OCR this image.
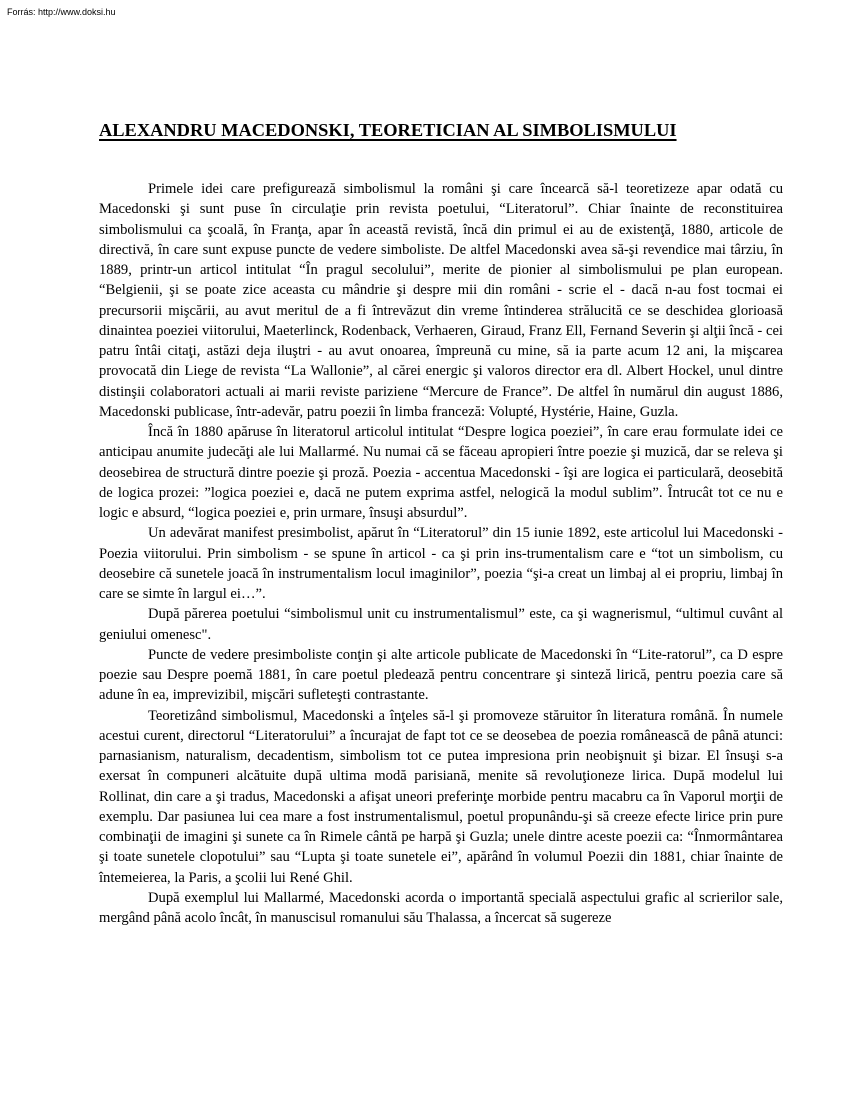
Forrás: http://www.doksi.hu
ALEXANDRU MACEDONSKI, TEORETICIAN AL SIMBOLISMULUI

Primele idei care prefigurează simbolismul la români şi care încearcă să-l teoretizeze apar odată cu Macedonski şi sunt puse în circulaţie prin revista poetului, “Literatorul”. Chiar înainte de reconstituirea simbolismului ca şcoală, în Franţa, apar în această revistă, încă din primul ei au de existenţă, 1880, articole de directivă, în care sunt expuse puncte de vedere simboliste. De altfel Macedonski avea să-şi revendice mai târziu, în 1889, printr-un articol intitulat “În pragul secolului”, merite de pionier al simbolismului pe plan european. “Belgienii, şi se poate zice aceasta cu mândrie şi despre mii din români - scrie el - dacă n-au fost tocmai ei precursorii mişcării, au avut meritul de a fi întrevăzut din vreme întinderea strălucită ce se deschidea glorioasă dinaintea poeziei viitorului, Maeterlinck, Rodenback, Verhaeren, Giraud, Franz Ell, Fernand Severin şi alţii încă - cei patru întâi citaţi, astăzi deja iluştri - au avut onoarea, împreună cu mine, să ia parte acum 12 ani, la mişcarea provocată din Liege de revista “La Wallonie”, al cărei energic şi valoros director era dl. Albert Hockel, unul dintre distinşii colaboratori actuali ai marii reviste pariziene “Mercure de France”. De altfel în numărul din august 1886, Macedonski publicase, într-adevăr, patru poezii în limba franceză: Volupté, Hystérie, Haine, Guzla.

Încă în 1880 apăruse în literatorul articolul intitulat “Despre logica poeziei”, în care erau formulate idei ce anticipau anumite judecăţi ale lui Mallarmé. Nu numai că se făceau apropieri între poezie şi muzică, dar se releva şi deosebirea de structură dintre poezie şi proză. Poezia - accentua Macedonski - îşi are logica ei particulară, deosebită de logica prozei: ”logica poeziei e, dacă ne putem exprima astfel, nelogică la modul sublim”. Întrucât tot ce nu e logic e absurd, “logica poeziei e, prin urmare, însuşi absurdul”.

Un adevărat manifest presimbolist, apărut în “Literatorul” din 15 iunie 1892, este articolul lui Macedonski - Poezia viitorului. Prin simbolism - se spune în articol - ca şi prin ins-trumentalism care e “tot un simbolism, cu deosebire că sunetele joacă în instrumentalism locul imaginilor”, poezia “şi-a creat un limbaj al ei propriu, limbaj în care se simte în largul ei…”.

După părerea poetului “simbolismul unit cu instrumentalismul” este, ca şi wagnerismul, “ultimul cuvânt al geniului omenesc".

Puncte de vedere presimboliste conţin şi alte articole publicate de Macedonski în “Lite-ratorul”, ca D espre poezie sau Despre poemă 1881, în care poetul pledează pentru concentrare şi sinteză lirică, pentru poezia care să adune în ea, imprevizibil, mişcări sufleteşti contrastante.

Teoretizând simbolismul, Macedonski a înţeles să-l şi promoveze stăruitor în literatura română. În numele acestui curent, directorul “Literatorului” a încurajat de fapt tot ce se deosebea de poezia românească de până atunci: parnasianism, naturalism, decadentism, simbolism tot ce putea impresiona prin neobişnuit şi bizar. El însuşi s-a exersat în compuneri alcătuite după ultima modă parisiană, menite să revoluţioneze lirica. După modelul lui Rollinat, din care a şi tradus, Macedonski a afişat uneori preferinţe morbide pentru macabru ca în Vaporul morţii de exemplu. Dar pasiunea lui cea mare a fost instrumentalismul, poetul propunându-şi să creeze efecte lirice prin pure combinaţii de imagini şi sunete ca în Rimele cântă pe harpă şi Guzla; unele dintre aceste poezii ca: “Înmormântarea şi toate sunetele clopotului” sau “Lupta şi toate sunetele ei”, apărând în volumul Poezii din 1881, chiar înainte de întemeierea, la Paris, a şcolii lui René Ghil.

După exemplul lui Mallarmé, Macedonski acorda o importantă specială aspectului grafic al scrierilor sale, mergând până acolo încât, în manuscisul romanului său Thalassa, a încercat să sugereze
